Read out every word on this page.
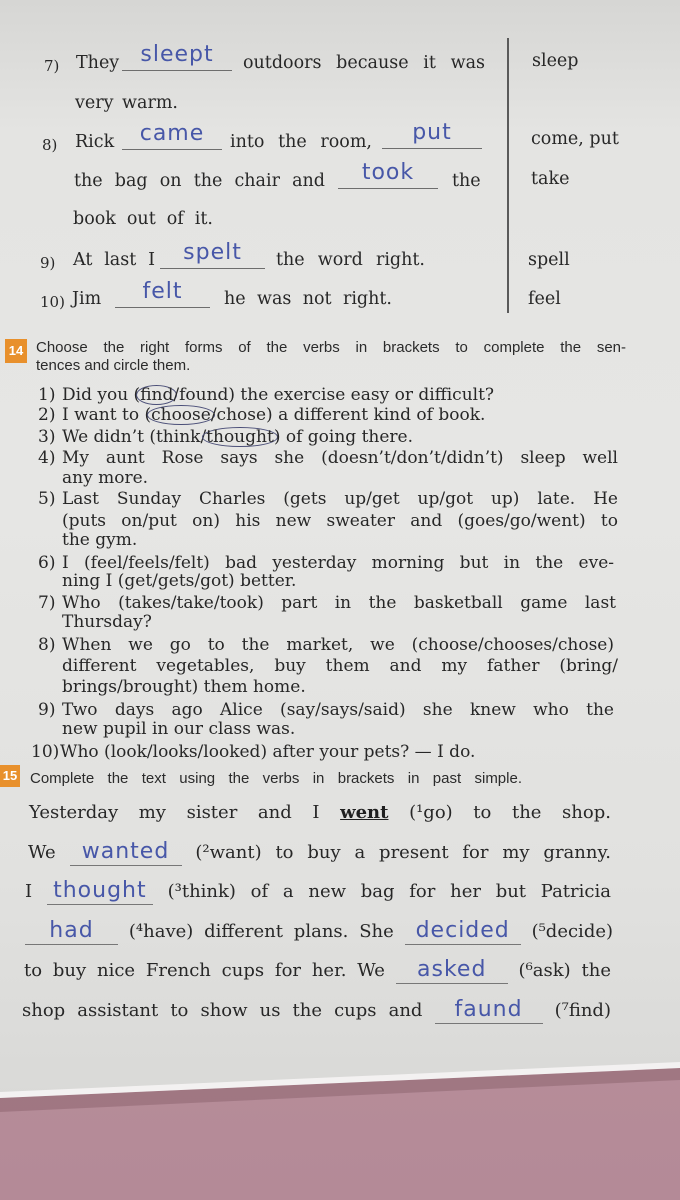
7) They sleept	outdoors because it was	sleep
very warm.
8) Rick	came	into the room,	put	come, put
the bag on the chair and	took	the	take
book out of it.
9) At last I	spelt	the word right.	spell
10) Jim	felt	he was not right.	feel
14 Choose the right forms of the verbs in brackets to complete the sen-
tences and circle them.
1) Did you (find/found) the exercise easy or difficult?
2) I want to (choose/chose) a different kind of book.
3) We didn’t (think/thought) of going there.
4) My aunt Rose says she (doesn’t/don’t/didn’t) sleep well
any more.
5) Last Sunday Charles (gets up/get up/got up) late. He
(puts on/put on) his new sweater and (goes/go/went) to
the gym.
6) I (feel/feels/felt) bad yesterday morning but in the eve-
ning I (get/gets/got) better.
7) Who (takes/take/took) part in the basketball game last
Thursday?
8) When we go to the market, we (choose/chooses/chose)
different vegetables, buy them and my father (bring/
brings/brought) them home.
9) Two days ago Alice (say/says/said) she knew who the
new pupil in our class was.
10) Who (look/looks/looked) after your pets? — I do.
15 Complete the text using the verbs in brackets in past simple.
Yesterday my sister and I went (¹go) to the shop.
We wanted (²want) to buy a present for my granny.
I thought (³think) of a new bag for her but Patricia
had (⁴have) different plans. She decided (⁵decide)
to buy nice French cups for her. We asked (⁶ask) the
shop assistant to show us the cups and faund (⁷find)
